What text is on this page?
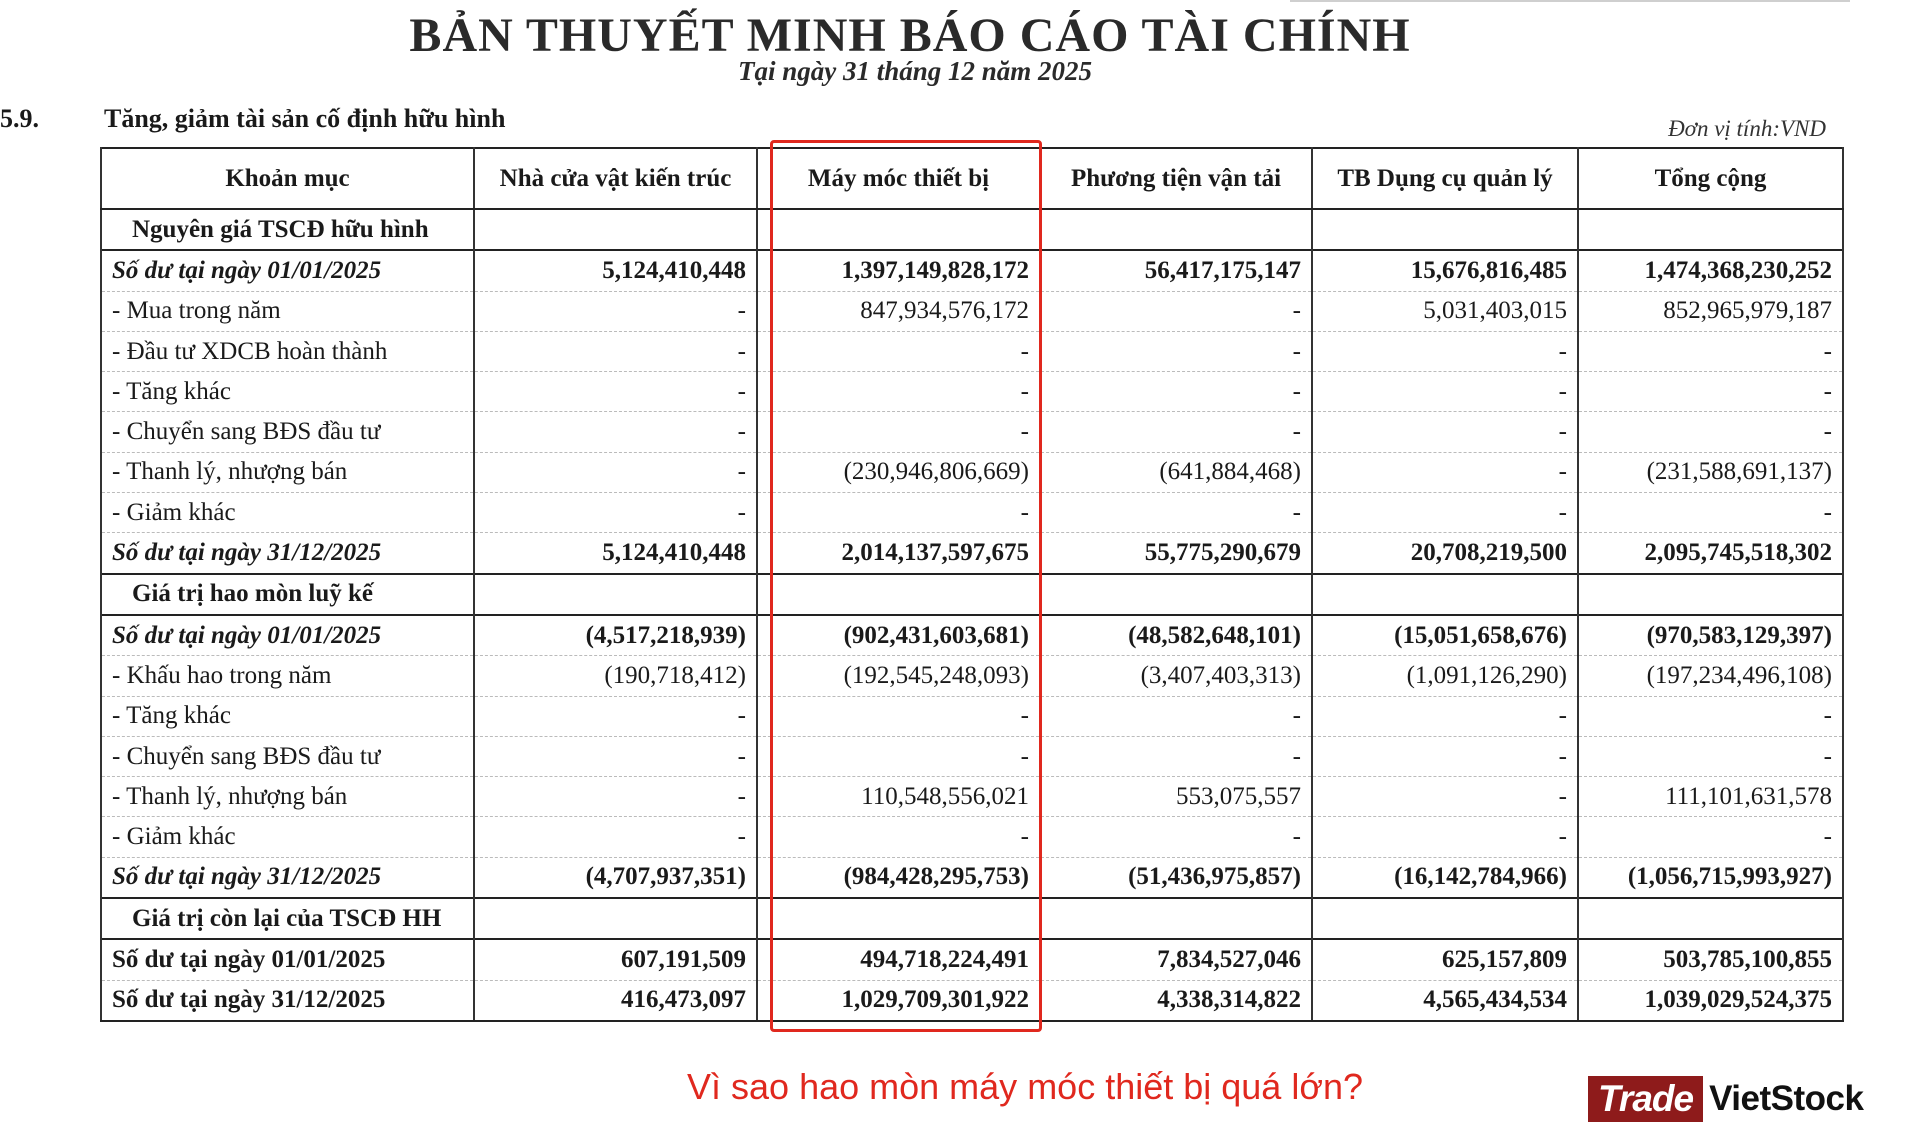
BẢN THUYẾT MINH BÁO CÁO TÀI CHÍNH
Tại ngày 31 tháng 12 năm 2025
5.9.	Tăng, giảm tài sản cố định hữu hình	Đơn vị tính:VND
Khoản mục	Nhà cửa vật kiến trúc	Máy móc thiết bị	Phương tiện vận tải	TB Dụng cụ quản lý	Tổng cộng
Nguyên giá TSCĐ hữu hình					
Số dư tại ngày 01/01/2025	5,124,410,448	1,397,149,828,172	56,417,175,147	15,676,816,485	1,474,368,230,252
- Mua trong năm	-	847,934,576,172	-	5,031,403,015	852,965,979,187
- Đầu tư XDCB hoàn thành	-	-	-	-	-
- Tăng khác	-	-	-	-	-
- Chuyển sang BĐS đầu tư	-	-	-	-	-
- Thanh lý, nhượng bán	-	(230,946,806,669)	(641,884,468)	-	(231,588,691,137)
- Giảm khác	-	-	-	-	-
Số dư tại ngày 31/12/2025	5,124,410,448	2,014,137,597,675	55,775,290,679	20,708,219,500	2,095,745,518,302
Giá trị hao mòn luỹ kế					
Số dư tại ngày 01/01/2025	(4,517,218,939)	(902,431,603,681)	(48,582,648,101)	(15,051,658,676)	(970,583,129,397)
- Khấu hao trong năm	(190,718,412)	(192,545,248,093)	(3,407,403,313)	(1,091,126,290)	(197,234,496,108)
- Tăng khác	-	-	-	-	-
- Chuyển sang BĐS đầu tư	-	-	-	-	-
- Thanh lý, nhượng bán	-	110,548,556,021	553,075,557	-	111,101,631,578
- Giảm khác	-	-	-	-	-
Số dư tại ngày 31/12/2025	(4,707,937,351)	(984,428,295,753)	(51,436,975,857)	(16,142,784,966)	(1,056,715,993,927)
Giá trị còn lại của TSCĐ HH					
Số dư tại ngày 01/01/2025	607,191,509	494,718,224,491	7,834,527,046	625,157,809	503,785,100,855
Số dư tại ngày 31/12/2025	416,473,097	1,029,709,301,922	4,338,314,822	4,565,434,534	1,039,029,524,375
Vì sao hao mòn máy móc thiết bị quá lớn?	Trade VietStock
